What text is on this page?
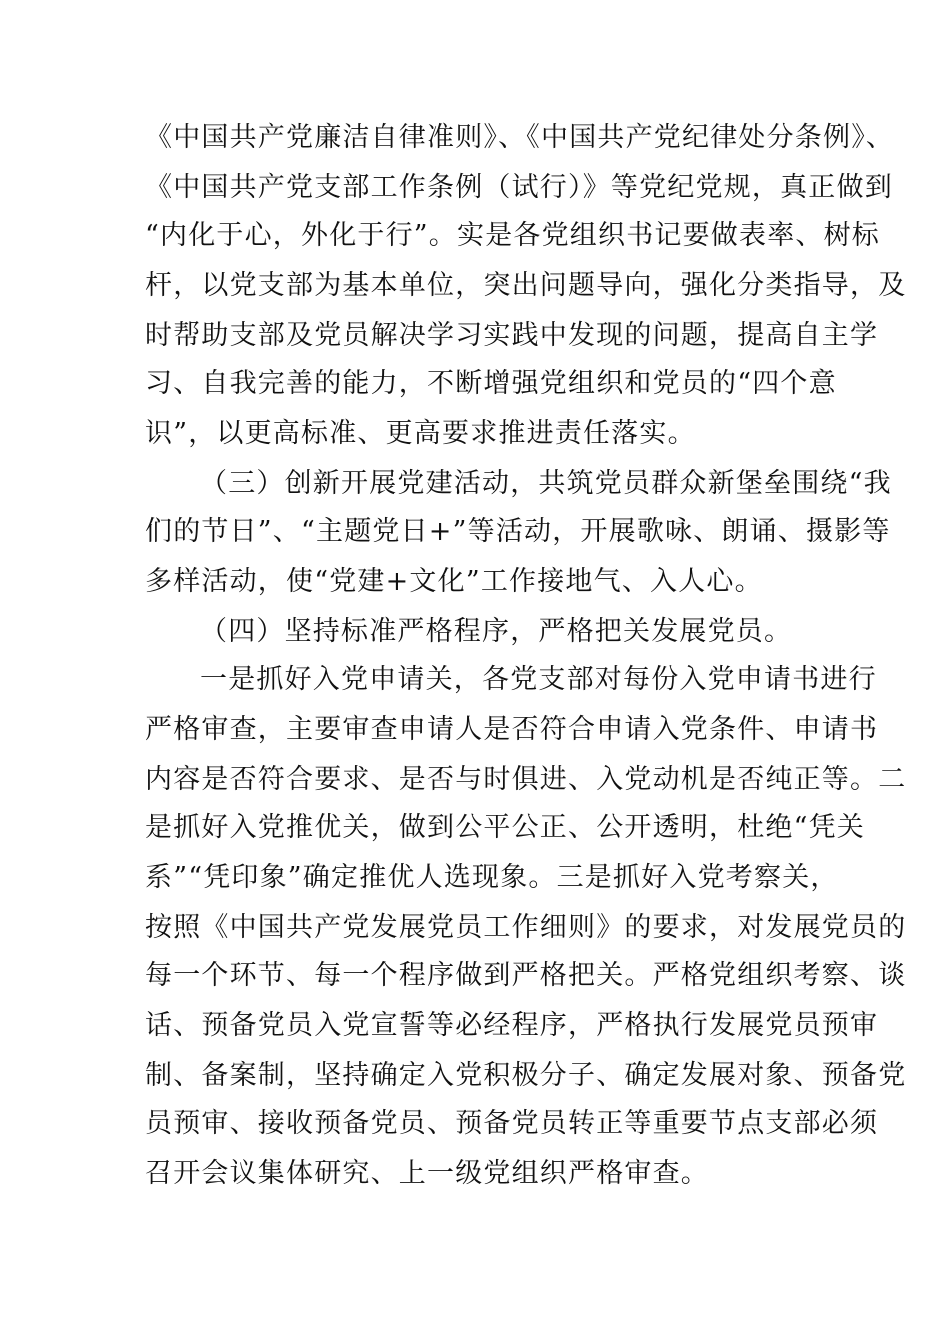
《中国共产党廉洁自律准则》、《中国共产党纪律处分条例》、
《中国共产党支部工作条例（试行）》等党纪党规，真正做到
“内化于心，外化于行”。实是各党组织书记要做表率、树标
杆，以党支部为基本单位，突出问题导向，强化分类指导，及
时帮助支部及党员解决学习实践中发现的问题，提高自主学
习、自我完善的能力，不断增强党组织和党员的“四个意
识”，以更高标准、更高要求推进责任落实。
（三）创新开展党建活动，共筑党员群众新堡垒围绕“我
们的节日”、“主题党日+”等活动，开展歌咏、朗诵、摄影等
多样活动，使“党建+文化”工作接地气、入人心。
（四）坚持标准严格程序，严格把关发展党员。
一是抓好入党申请关，各党支部对每份入党申请书进行
严格审查，主要审查申请人是否符合申请入党条件、申请书
内容是否符合要求、是否与时俱进、入党动机是否纯正等。二
是抓好入党推优关，做到公平公正、公开透明，杜绝“凭关
系”“凭印象”确定推优人选现象。三是抓好入党考察关，
按照《中国共产党发展党员工作细则》的要求，对发展党员的
每一个环节、每一个程序做到严格把关。严格党组织考察、谈
话、预备党员入党宣誓等必经程序，严格执行发展党员预审
制、备案制，坚持确定入党积极分子、确定发展对象、预备党
员预审、接收预备党员、预备党员转正等重要节点支部必须
召开会议集体研究、上一级党组织严格审查。
